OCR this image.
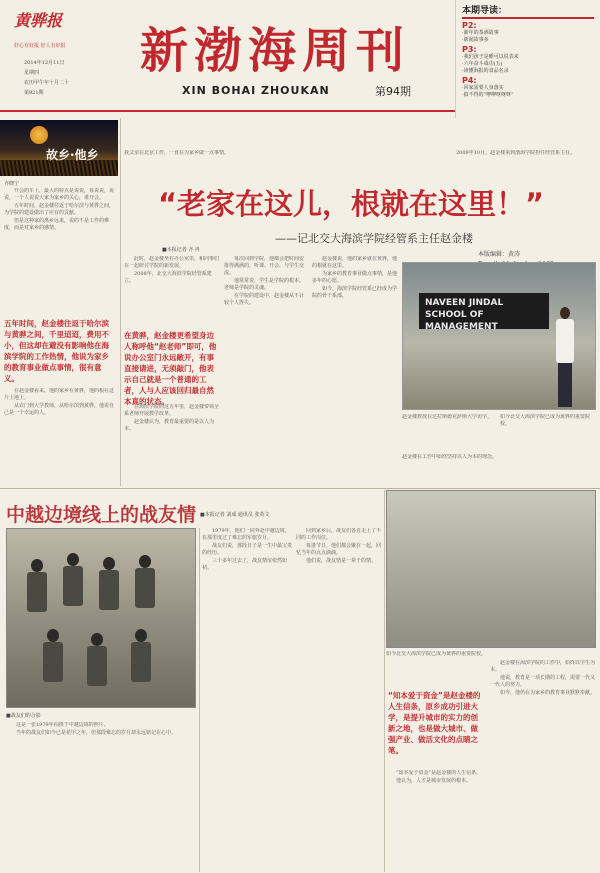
黄骅报
好心有好报 好人有好报
2014年12月11日
星期四
农历甲午年十月二十
第921期
新渤海周刊
XIN BOHAI ZHOUKAN	第94期
本期导读：
P2:
·新年的茶酒故事
·新闻故事多
P3:
·我们孩子是睡可以说表来
·六年奋斗成功(五)
·读懂海报的食品名录
P4:
·回家需要人身落实
·似不得的“咿咿呀呀呀”
故乡·他乡
齐晓宁

开会的车上，最大的特点是说说，每说说，说说，一个人说说大家为家乡的关心，谁开会。

五年时间，赵金楼往返于哈尔滨与黄骅之间，为学院的建设做出了应有的贡献。

但是这种家的离乡远来，说的不是工作的难度，而是对家乡的感情。

五年时间，赵金楼往返于哈尔滨与黄骅之间，千里迢迢，费用不小，但这却在避没有影响他在海滨学院的工作热情，他说为家乡的教育事业做点事情，很有意义。

在赵金楼看来，他的家乡在黄骅，他的根在这片土地上。

从农门到大学教师，从哈尔滨到黄骅，他说自己是一个幸运的人。

我父亲在北京工作，一直在为家乡做一点事情。	2009年10月，赵金楼来到渤海学院担任经管系主任。
“老家在这儿，根就在这里！”
——记北交大海滨学院经管系主任赵金楼
■本报记者 齐 冉
本版编辑：黄涛

此时，赵金楼坐在办公室里，和同事们在一起研讨学院的新发展。

2008年，北交大海滨学院经管系建立。

在黄骅，赵金楼更希望身边人称呼他“赵老师”即可，他说办公室门永远敞开，有事直接请进，无须敲门，他表示自己就是一个普通的工者，人与人应该回归最自然本真的状态。

在海滨学院的这五年里，赵金楼带领全系老师开展教学改革。

赵金楼认为，教育最重要的是以人为本。

每次回到学院，他都会把时间安排得满满的，听课、开会、与学生交流。

他常常说，学生是学院的根本，老师是学院的灵魂。

在学院的建设中，赵金楼从不计较个人得失。

赵金楼说，他的家乡就在黄骅，他的根就在这里。

为家乡的教育事业做点事情，是他多年的心愿。

如今，海滨学院经管系已经成为学院的骨干系部。

NAVEEN JINDAL SCHOOL OF MANAGEMENT
赵金楼教授在达拉斯德克萨斯大学访学。	如今北交大海滨学院已成为黄骅的重要院校。
赵金楼在工作中始终坚持以人为本的理念。
中越边境线上的战友情 ■本报记者 刘成 通讯员 张英文
■战友们的合影

这是一张1979年拍摄于中越边境的照片。

当年的战友们如今已是花甲之年，但那段难忘的岁月却永远铭记在心中。

1979年，他们一同奔赴中越边境，在那里度过了难忘的军旅岁月。

战友们说，那段日子是一生中最宝贵的经历。

三十多年过去了，战友情谊依然如初。

回到家乡后，战友们各自走上了不同的工作岗位。

每逢节日，他们都会聚在一起，回忆当年的点点滴滴。

他们说，战友情是一辈子的情。

如今北交大海滨学院已成为黄骅的重要院校。
“知本爱于资金”是赵金楼的人生信条，原乡成功引进大学，是提升城市的实力的创新之地，也是做大城市、做强产业、做活文化的点睛之笔。

“知本爱于资金”是赵金楼的人生信条。

他认为，人才是城市发展的根本。

赵金楼在海滨学院的工作中，始终以学生为本。

他说，教育是一项长期的工程，需要一代又一代人的努力。

如今，他仍在为家乡的教育事业默默奉献。
